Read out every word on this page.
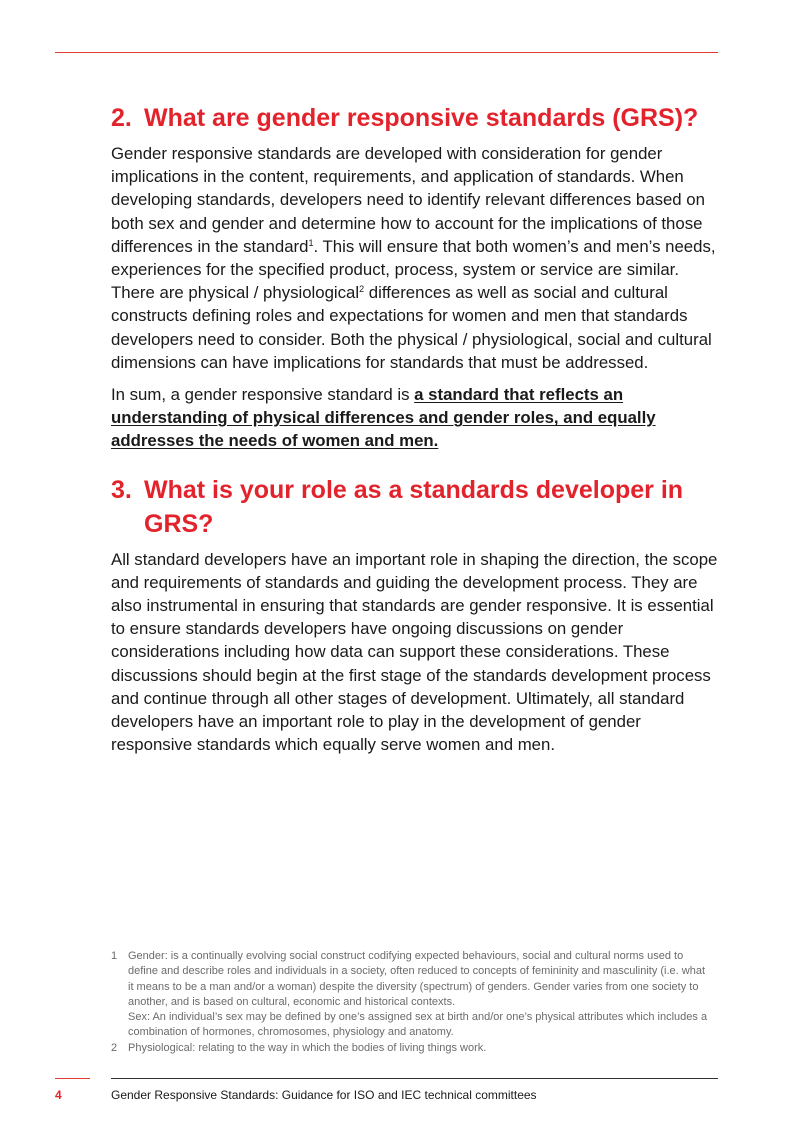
2. What are gender responsive standards (GRS)?

Gender responsive standards are developed with consideration for gender implications in the content, requirements, and application of standards. When developing standards, developers need to identify relevant differences based on both sex and gender and determine how to account for the implications of those differences in the standard$^1$. This will ensure that both women’s and men’s needs, experiences for the specified product, process, system or service are similar. There are physical / physiological$^2$ differences as well as social and cultural constructs defining roles and expectations for women and men that standards developers need to consider. Both the physical / physiological, social and cultural dimensions can have implications for standards that must be addressed.

In sum, a gender responsive standard is a standard that reflects an understanding of physical differences and gender roles, and equally addresses the needs of women and men.

3. What is your role as a standards developer in GRS?

All standard developers have an important role in shaping the direction, the scope and requirements of standards and guiding the development process. They are also instrumental in ensuring that standards are gender responsive. It is essential to ensure standards developers have ongoing discussions on gender considerations including how data can support these considerations. These discussions should begin at the first stage of the standards development process and continue through all other stages of development. Ultimately, all standard developers have an important role to play in the development of gender responsive standards which equally serve women and men.

1 Gender: is a continually evolving social construct codifying expected behaviours, social and cultural norms used to define and describe roles and individuals in a society, often reduced to concepts of femininity and masculinity (i.e. what it means to be a man and/or a woman) despite the diversity (spectrum) of genders. Gender varies from one society to another, and is based on cultural, economic and historical contexts.
Sex: An individual’s sex may be defined by one’s assigned sex at birth and/or one’s physical attributes which includes a combination of hormones, chromosomes, physiology and anatomy.
2 Physiological: relating to the way in which the bodies of living things work.
4	Gender Responsive Standards: Guidance for ISO and IEC technical committees
